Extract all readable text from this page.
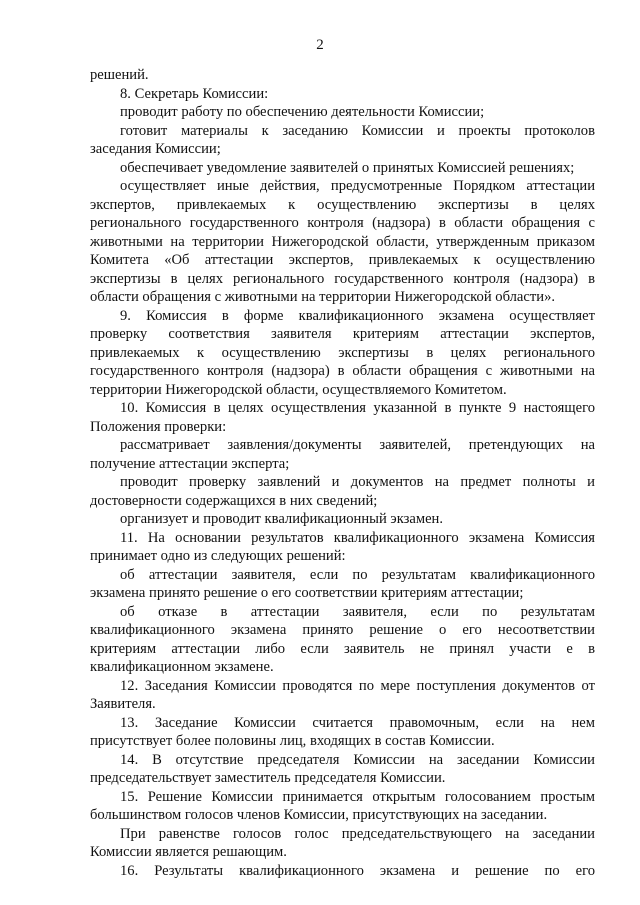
2
решений.
8. Секретарь Комиссии:
проводит работу по обеспечению деятельности Комиссии;
готовит материалы к заседанию Комиссии и проекты протоколов
заседания Комиссии;
обеспечивает уведомление заявителей о принятых Комиссией решениях;
осуществляет иные действия, предусмотренные Порядком аттестации
экспертов, привлекаемых к осуществлению экспертизы в целях
регионального государственного контроля (надзора) в области обращения с
животными на территории Нижегородской области, утвержденным приказом
Комитета «Об аттестации экспертов, привлекаемых к осуществлению
экспертизы в целях регионального государственного контроля (надзора) в
области обращения с животными на территории Нижегородской области».
9. Комиссия в форме квалификационного экзамена осуществляет
проверку соответствия заявителя критериям аттестации экспертов,
привлекаемых к осуществлению экспертизы в целях регионального
государственного контроля (надзора) в области обращения с животными на
территории Нижегородской области, осуществляемого Комитетом.
10. Комиссия в целях осуществления указанной в пункте 9 настоящего
Положения проверки:
рассматривает заявления/документы заявителей, претендующих на
получение аттестации эксперта;
проводит проверку заявлений и документов на предмет полноты и
достоверности содержащихся в них сведений;
организует и проводит квалификационный экзамен.
11. На основании результатов квалификационного экзамена Комиссия
принимает одно из следующих решений:
об аттестации заявителя, если по результатам квалификационного
экзамена принято решение о его соответствии критериям аттестации;
об отказе в аттестации заявителя, если по результатам
квалификационного экзамена принято решение о его несоответствии
критериям аттестации либо если заявитель не принял участи е в
квалификационном экзамене.
12. Заседания Комиссии проводятся по мере поступления документов от
Заявителя.
13. Заседание Комиссии считается правомочным, если на нем
присутствует более половины лиц, входящих в состав Комиссии.
14. В отсутствие председателя Комиссии на заседании Комиссии
председательствует заместитель председателя Комиссии.
15. Решение Комиссии принимается открытым голосованием простым
большинством голосов членов Комиссии, присутствующих на заседании.
При равенстве голосов голос председательствующего на заседании
Комиссии является решающим.
16. Результаты квалификационного экзамена и решение по его
